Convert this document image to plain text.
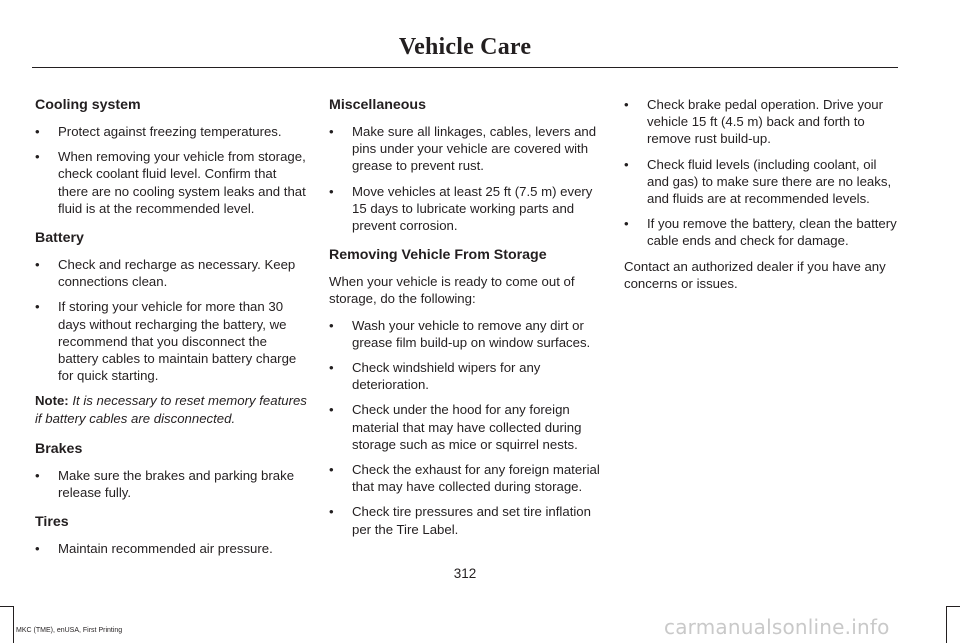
Vehicle Care
Cooling system
• Protect against freezing temperatures.
• When removing your vehicle from storage, check coolant fluid level. Confirm that there are no cooling system leaks and that fluid is at the recommended level.
Battery
• Check and recharge as necessary. Keep connections clean.
• If storing your vehicle for more than 30 days without recharging the battery, we recommend that you disconnect the battery cables to maintain battery charge for quick starting.

Note: It is necessary to reset memory features if battery cables are disconnected.

Brakes
• Make sure the brakes and parking brake release fully.
Tires
• Maintain recommended air pressure.
Miscellaneous
• Make sure all linkages, cables, levers and pins under your vehicle are covered with grease to prevent rust.
• Move vehicles at least 25 ft (7.5 m) every 15 days to lubricate working parts and prevent corrosion.
Removing Vehicle From Storage

When your vehicle is ready to come out of storage, do the following:

• Wash your vehicle to remove any dirt or grease film build-up on window surfaces.
• Check windshield wipers for any deterioration.
• Check under the hood for any foreign material that may have collected during storage such as mice or squirrel nests.
• Check the exhaust for any foreign material that may have collected during storage.
• Check tire pressures and set tire inflation per the Tire Label.
• Check brake pedal operation. Drive your vehicle 15 ft (4.5 m) back and forth to remove rust build-up.
• Check fluid levels (including coolant, oil and gas) to make sure there are no leaks, and fluids are at recommended levels.
• If you remove the battery, clean the battery cable ends and check for damage.

Contact an authorized dealer if you have any concerns or issues.

312
MKC (TME), enUSA, First Printing	carmanualsonline.info
